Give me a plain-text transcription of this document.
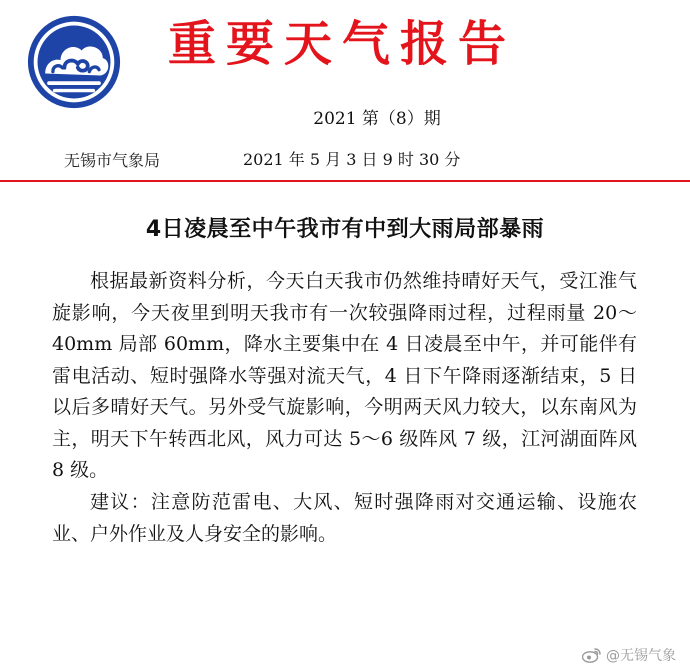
重要天气报告
2021 第（8）期
无锡市气象局	2021 年 5 月 3 日 9 时 30 分
4日凌晨至中午我市有中到大雨局部暴雨

根据最新资料分析，今天白天我市仍然维持晴好天气，受江淮气旋影响，今天夜里到明天我市有一次较强降雨过程，过程雨量 20～40mm 局部 60mm，降水主要集中在 4 日凌晨至中午，并可能伴有雷电活动、短时强降水等强对流天气，4 日下午降雨逐渐结束，5 日以后多晴好天气。另外受气旋影响，今明两天风力较大，以东南风为主，明天下午转西北风，风力可达 5～6 级阵风 7 级，江河湖面阵风 8 级。

建议：注意防范雷电、大风、短时强降雨对交通运输、设施农业、户外作业及人身安全的影响。

@无锡气象
